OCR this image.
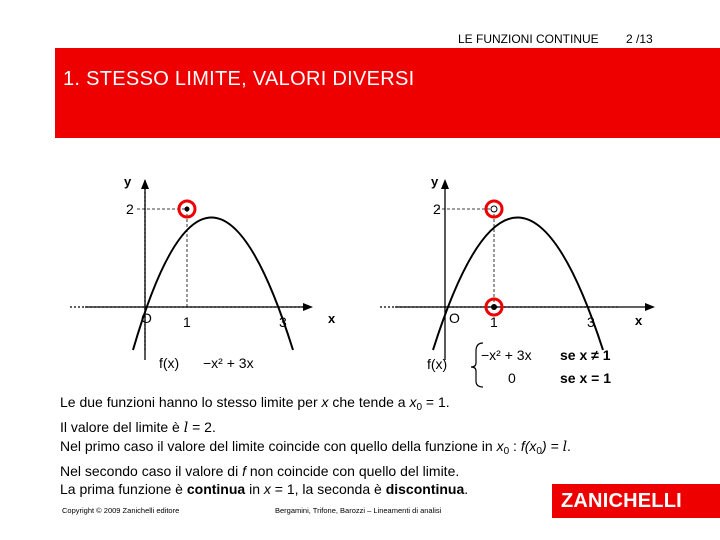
LE FUNZIONI CONTINUE 2 /13
1. STESSO LIMITE, VALORI DIVERSI
y
x
2
O 1	3
f(x) −x² + 3x
y
x
2
O 1	3
f(x)
−x² + 3x se x ≠ 1
0	se x = 1

Le due funzioni hanno lo stesso limite per x che tende a $x_0 = 1$.

Il valore del limite è l = 2.

Nel primo caso il valore del limite coincide con quello della funzione in $x_0$ : $f(x_0) = l$.

Nel secondo caso il valore di f non coincide con quello del limite.

La prima funzione è continua in x = 1, la seconda è discontinua.

Copyright © 2009 Zanichelli editore	Bergamini, Trifone, Barozzi – Lineamenti di analisi	ZANICHELLI
